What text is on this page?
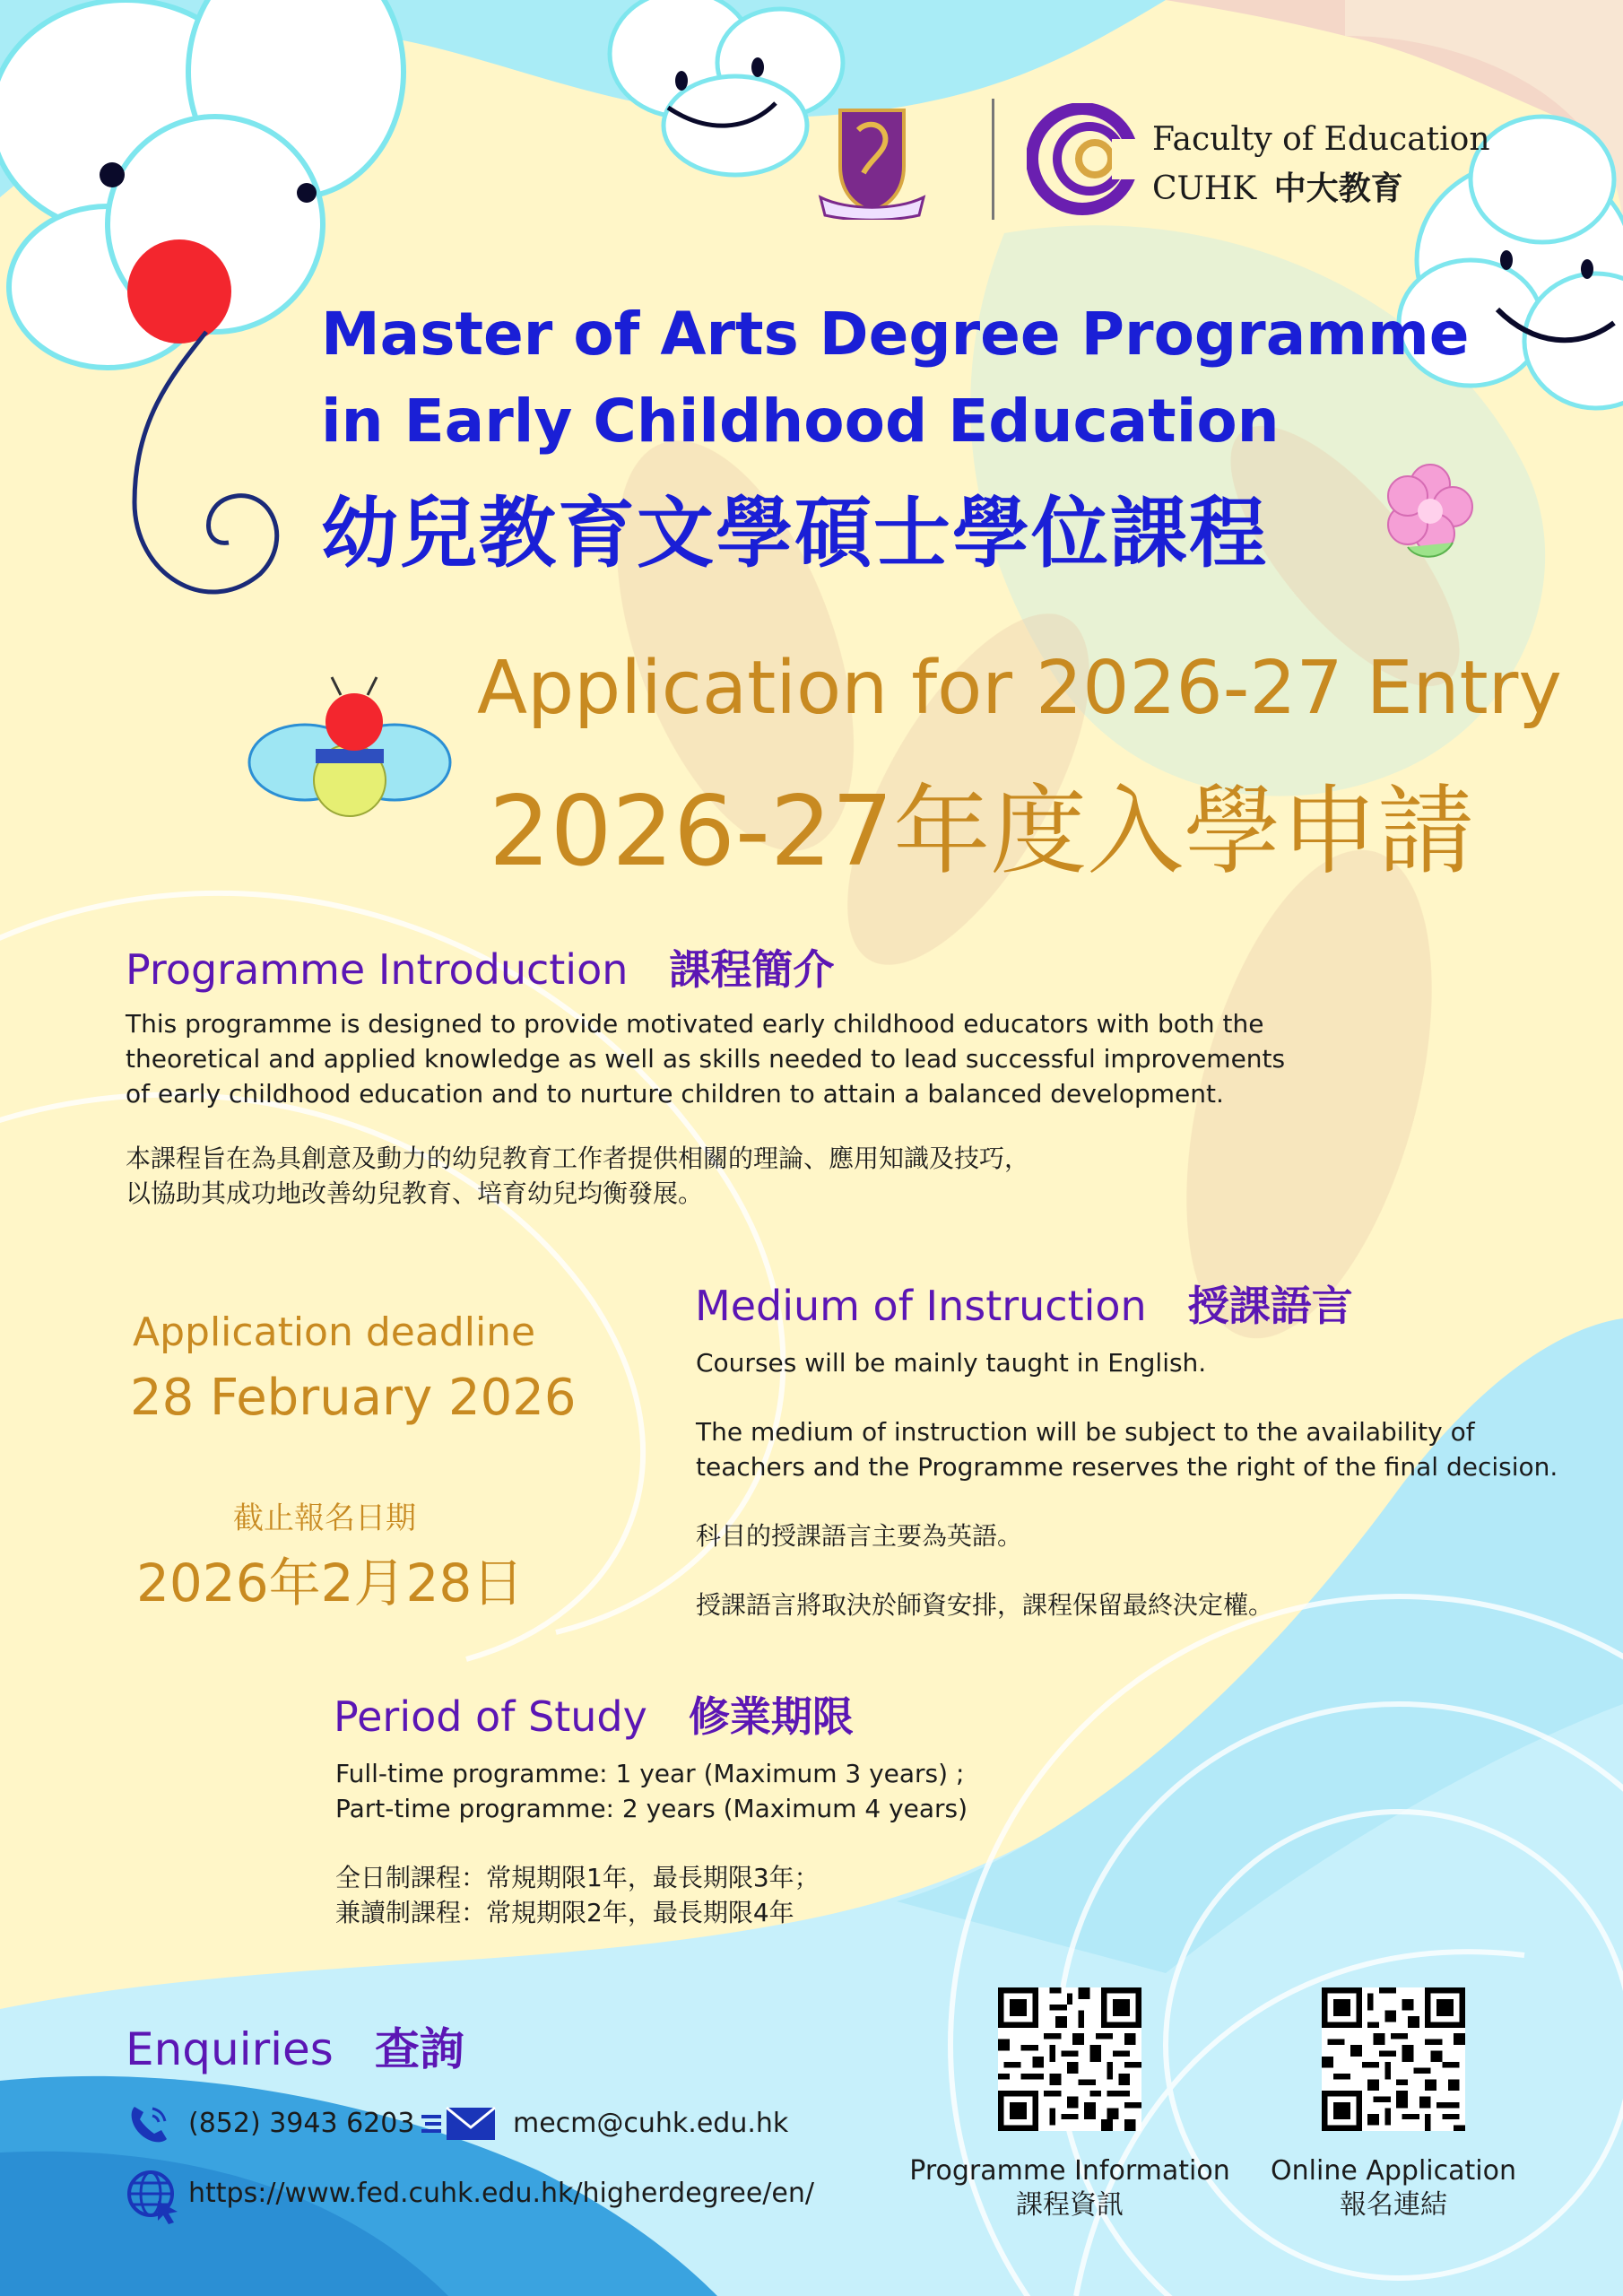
Faculty of Education
CUHK 中大教育
Master of Arts Degree Programme
in Early Childhood Education
幼兒教育文學碩士學位課程
Application for 2026-27 Entry
2026-27年度入學申請
Programme Introduction 課程簡介
This programme is designed to provide motivated early childhood educators with both the
theoretical and applied knowledge as well as skills needed to lead successful improvements
of early childhood education and to nurture children to attain a balanced development.
本課程旨在為具創意及動力的幼兒教育工作者提供相關的理論、應用知識及技巧，
以協助其成功地改善幼兒教育、培育幼兒均衡發展。
Application deadline
28 February 2026
截止報名日期
2026年2月28日
Medium of Instruction 授課語言
Courses will be mainly taught in English.
The medium of instruction will be subject to the availability of
teachers and the Programme reserves the right of the final decision.
科目的授課語言主要為英語。
授課語言將取決於師資安排，課程保留最終決定權。
Period of Study 修業期限
Full-time programme: 1 year (Maximum 3 years) ;
Part-time programme: 2 years (Maximum 4 years)
全日制課程：常規期限1年，最長期限3年；
兼讀制課程：常規期限2年，最長期限4年
Enquiries 查詢
(852) 3943 6203	mecm@cuhk.edu.hk
https://www.fed.cuhk.edu.hk/higherdegree/en/
Programme Information
課程資訊
Online Application
報名連結
